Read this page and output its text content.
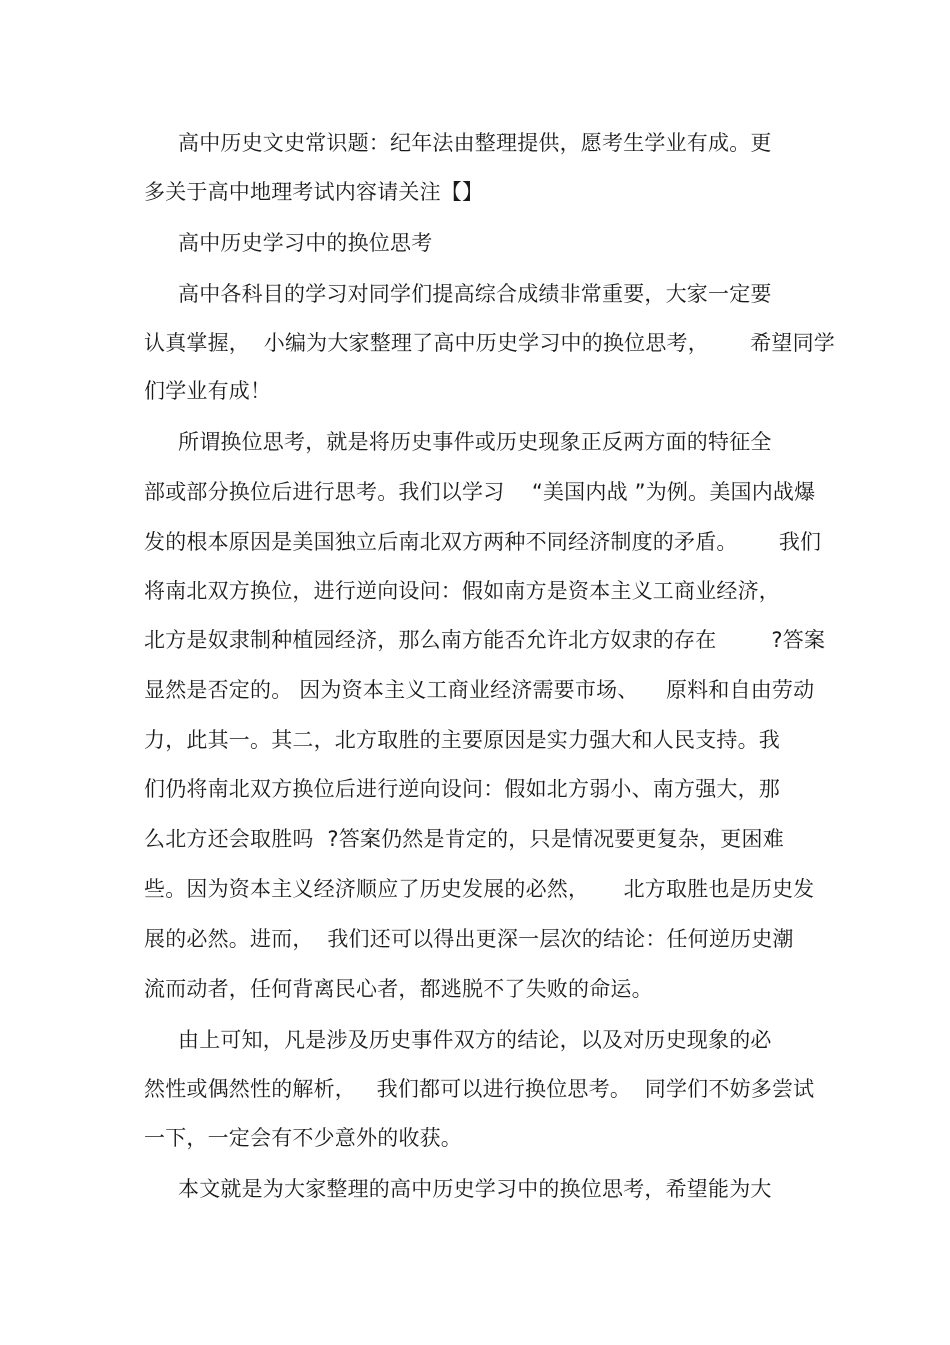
高中历史文史常识题：纪年法由整理提供，愿考生学业有成。更
多关于高中地理考试内容请关注【】
高中历史学习中的换位思考
高中各科目的学习对同学们提高综合成绩非常重要，大家一定要
认真掌握，  小编为大家整理了高中历史学习中的换位思考，      希望同学
们学业有成！
所谓换位思考，就是将历史事件或历史现象正反两方面的特征全
部或部分换位后进行思考。我们以学习    “美国内战 ”为例。美国内战爆
发的根本原因是美国独立后南北双方两种不同经济制度的矛盾。      我们
将南北双方换位，进行逆向设问：假如南方是资本主义工商业经济，
北方是奴隶制种植园经济，那么南方能否允许北方奴隶的存在        ?答案
显然是否定的。 因为资本主义工商业经济需要市场、    原料和自由劳动
力，此其一。其二，北方取胜的主要原因是实力强大和人民支持。我
们仍将南北双方换位后进行逆向设问：假如北方弱小、南方强大，那
么北方还会取胜吗  ?答案仍然是肯定的，只是情况要更复杂，更困难
些。因为资本主义经济顺应了历史发展的必然，     北方取胜也是历史发
展的必然。进而，  我们还可以得出更深一层次的结论：任何逆历史潮
流而动者，任何背离民心者，都逃脱不了失败的命运。
由上可知，凡是涉及历史事件双方的结论，以及对历史现象的必
然性或偶然性的解析，   我们都可以进行换位思考。  同学们不妨多尝试
一下，一定会有不少意外的收获。
本文就是为大家整理的高中历史学习中的换位思考，希望能为大
